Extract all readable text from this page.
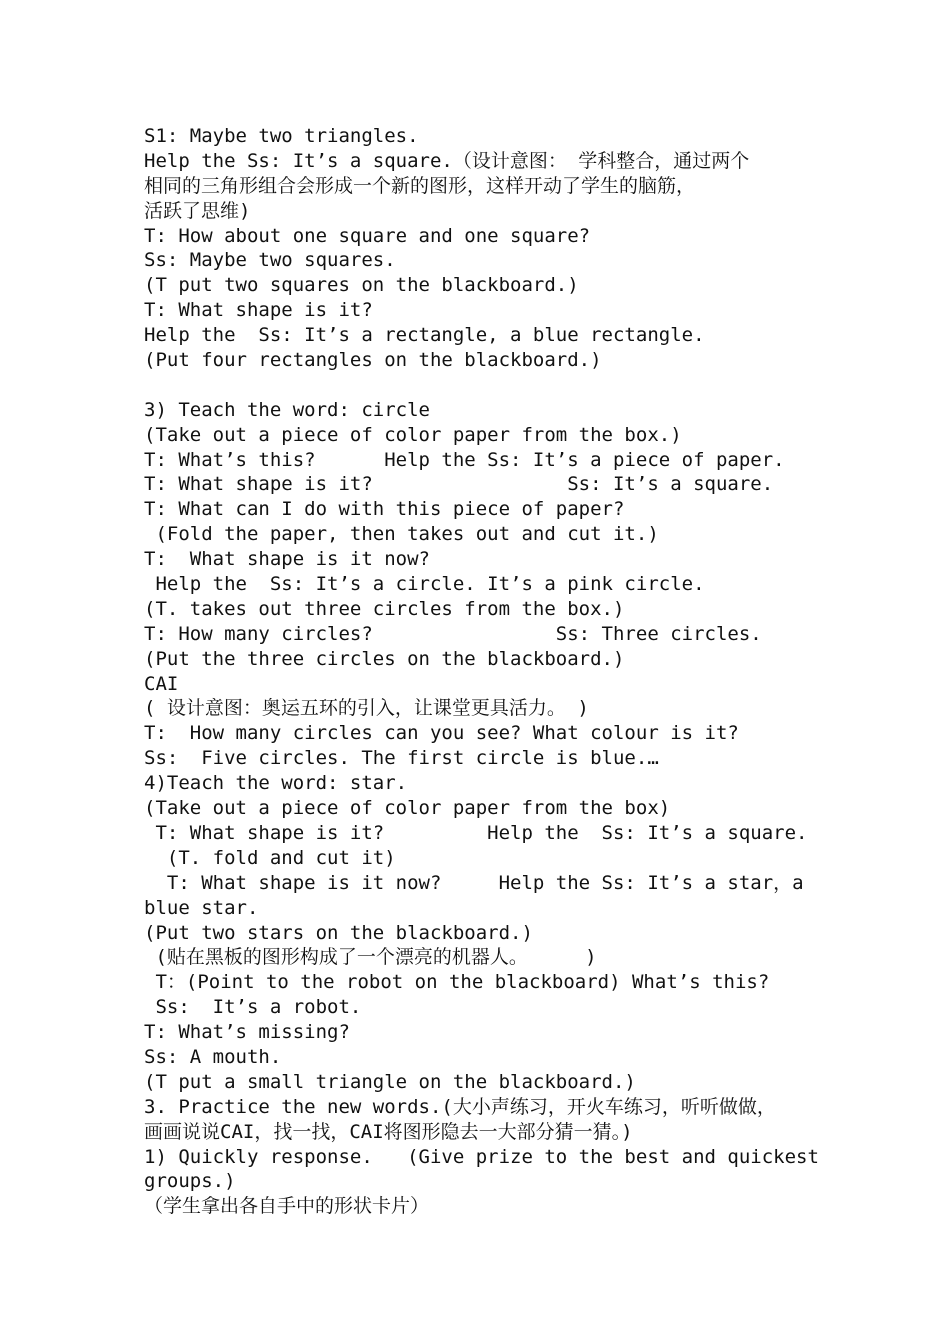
S1: Maybe two triangles.
Help the Ss: It’s a square.（设计意图： 学科整合，通过两个
相同的三角形组合会形成一个新的图形，这样开动了学生的脑筋，
活跃了思维)
T: How about one square and one square?
Ss: Maybe two squares.
(T put two squares on the blackboard.)
T: What shape is it?
Help the  Ss: It’s a rectangle, a blue rectangle.
(Put four rectangles on the blackboard.)
3) Teach the word: circle
(Take out a piece of color paper from the box.)
T: What’s this?      Help the Ss: It’s a piece of paper.
T: What shape is it?                 Ss: It’s a square.
T: What can I do with this piece of paper?
(Fold the paper, then takes out and cut it.)
T:  What shape is it now?
Help the  Ss: It’s a circle. It’s a pink circle.
(T. takes out three circles from the box.)
T: How many circles?                Ss: Three circles.
(Put the three circles on the blackboard.)
CAI
( 设计意图：奥运五环的引入，让课堂更具活力。 )
T:  How many circles can you see? What colour is it?
Ss:  Five circles. The first circle is blue.…
4)Teach the word: star.
(Take out a piece of color paper from the box)
T: What shape is it?         Help the  Ss: It’s a square.
(T. fold and cut it)
T: What shape is it now?     Help the Ss: It’s a star，a
blue star.
(Put two stars on the blackboard.)
(贴在黑板的图形构成了一个漂亮的机器人。     )
T：(Point to the robot on the blackboard) What’s this?
Ss:  It’s a robot.
T: What’s missing?
Ss: A mouth.
(T put a small triangle on the blackboard.)
3. Practice the new words.(大小声练习，开火车练习，听听做做，
画画说说CAI，找一找，CAI将图形隐去一大部分猜一猜。)
1) Quickly response.   (Give prize to the best and quickest
groups.)
（学生拿出各自手中的形状卡片）
